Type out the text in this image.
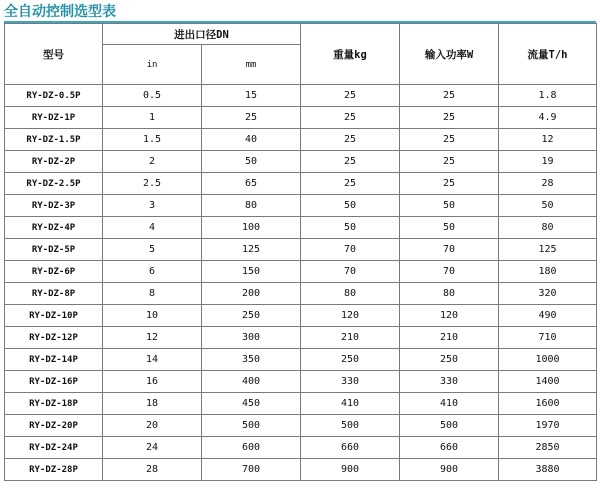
全自动控制选型表
型号	进出口径DN		重量kg	输入功率W	流量T/h
	in	mm			
RY-DZ-0.5P	0.5	15	25	25	1.8
RY-DZ-1P	1	25	25	25	4.9
RY-DZ-1.5P	1.5	40	25	25	12
RY-DZ-2P	2	50	25	25	19
RY-DZ-2.5P	2.5	65	25	25	28
RY-DZ-3P	3	80	50	50	50
RY-DZ-4P	4	100	50	50	80
RY-DZ-5P	5	125	70	70	125
RY-DZ-6P	6	150	70	70	180
RY-DZ-8P	8	200	80	80	320
RY-DZ-10P	10	250	120	120	490
RY-DZ-12P	12	300	210	210	710
RY-DZ-14P	14	350	250	250	1000
RY-DZ-16P	16	400	330	330	1400
RY-DZ-18P	18	450	410	410	1600
RY-DZ-20P	20	500	500	500	1970
RY-DZ-24P	24	600	660	660	2850
RY-DZ-28P	28	700	900	900	3880
